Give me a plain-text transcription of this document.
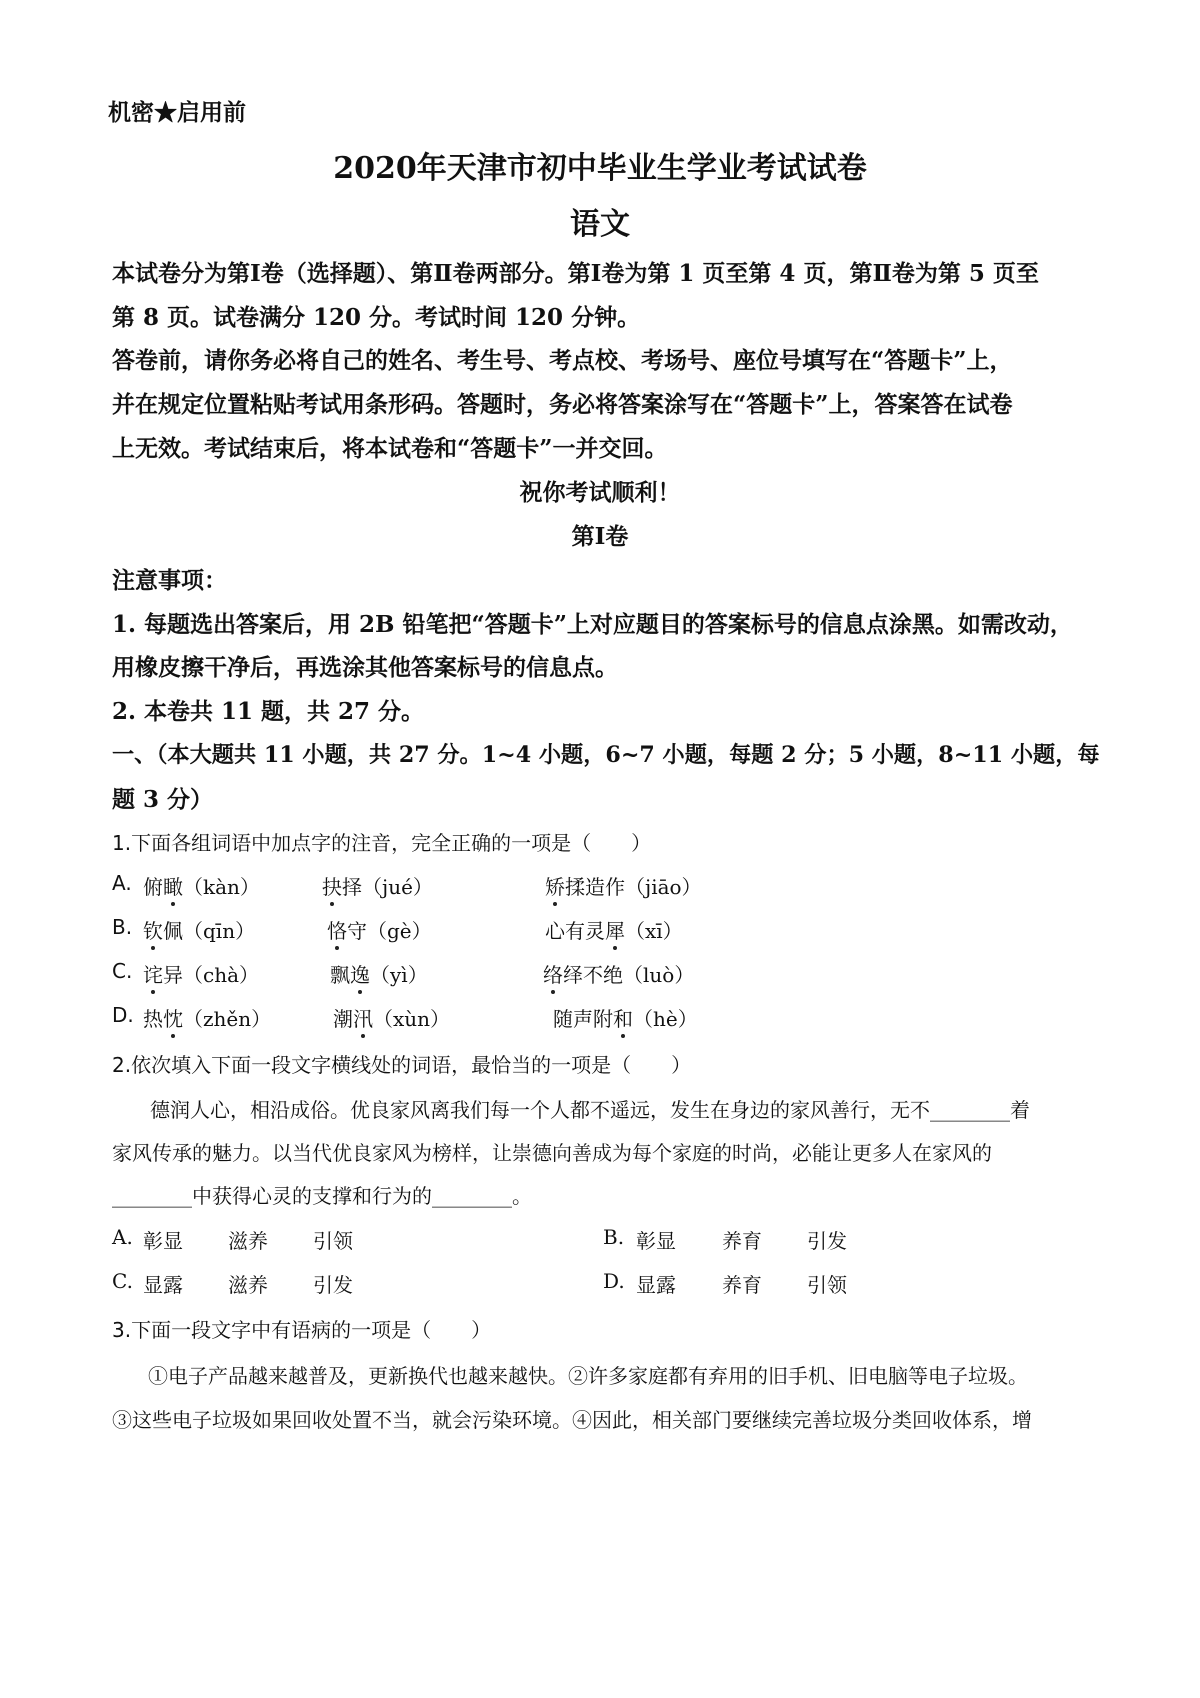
机密★启用前
2020年天津市初中毕业生学业考试试卷
语文
本试卷分为第Ⅰ卷（选择题）、第Ⅱ卷两部分。第Ⅰ卷为第 1 页至第 4 页，第Ⅱ卷为第 5 页至
第 8 页。试卷满分 120 分。考试时间 120 分钟。
答卷前，请你务必将自己的姓名、考生号、考点校、考场号、座位号填写在“答题卡”上，
并在规定位置粘贴考试用条形码。答题时，务必将答案涂写在“答题卡”上，答案答在试卷
上无效。考试结束后，将本试卷和“答题卡”一并交回。
祝你考试顺利！
第Ⅰ卷
注意事项：
1. 每题选出答案后，用 2B 铅笔把“答题卡”上对应题目的答案标号的信息点涂黑。如需改动，
用橡皮擦干净后，再选涂其他答案标号的信息点。
2. 本卷共 11 题，共 27 分。
一、（本大题共 11 小题，共 27 分。1~4 小题，6~7 小题，每题 2 分；5 小题，8~11 小题，每
题 3 分）
1.下面各组词语中加点字的注音，完全正确的一项是（　　）
A. 俯瞰（kàn）	抉择（jué）	矫揉造作（jiāo）
B. 钦佩（qīn）	恪守（gè）	心有灵犀（xī）
C. 诧异（chà）	飘逸（yì）	络绎不绝（luò）
D. 热忱（zhěn）	潮汛（xùn）	随声附和（hè）
2.依次填入下面一段文字横线处的词语，最恰当的一项是（　　）
德润人心，相沿成俗。优良家风离我们每一个人都不遥远，发生在身边的家风善行，无不________着
家风传承的魅力。以当代优良家风为榜样，让崇德向善成为每个家庭的时尚，必能让更多人在家风的
________中获得心灵的支撑和行为的________。
A. 彰显 滋养 引领	B. 彰显 养育 引发
C. 显露 滋养 引发	D. 显露 养育 引领
3.下面一段文字中有语病的一项是（　　）
①电子产品越来越普及，更新换代也越来越快。②许多家庭都有弃用的旧手机、旧电脑等电子垃圾。
③这些电子垃圾如果回收处置不当，就会污染环境。④因此，相关部门要继续完善垃圾分类回收体系，增
